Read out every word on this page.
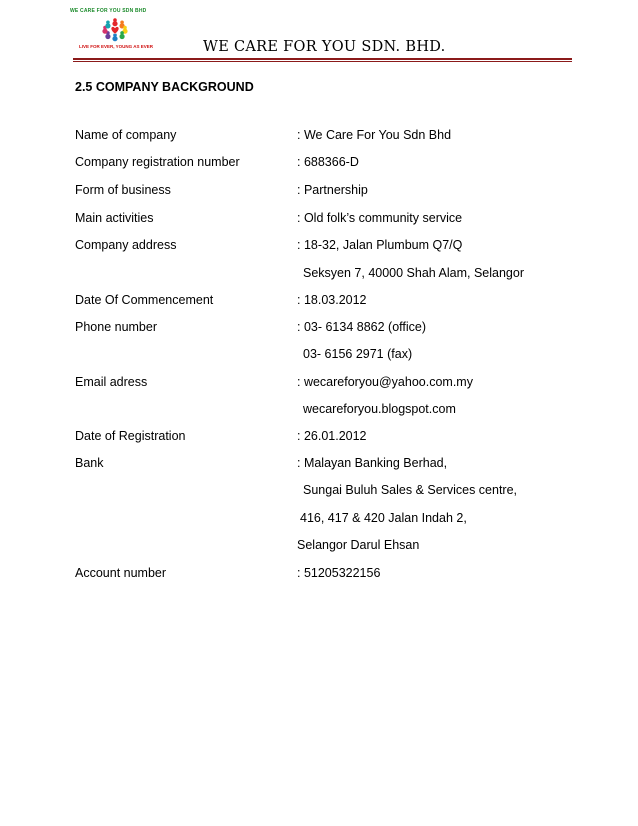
WE CARE FOR YOU SDN BHD
LIVE FOR EVER, YOUNG AS EVER	WE CARE FOR YOU SDN. BHD.
2.5 COMPANY BACKGROUND
Name of company	: We Care For You Sdn Bhd
Company registration number	: 688366-D
Form of business	: Partnership
Main activities	: Old folk’s community service
Company address	: 18-32, Jalan Plumbum Q7/Q
Seksyen 7, 40000 Shah Alam, Selangor
Date Of Commencement	: 18.03.2012
Phone number	: 03- 6134 8862 (office)
03- 6156 2971 (fax)
Email adress	: wecareforyou@yahoo.com.my
wecareforyou.blogspot.com
Date of Registration	: 26.01.2012
Bank	: Malayan Banking Berhad,
Sungai Buluh Sales & Services centre,
416, 417 & 420 Jalan Indah 2,
Selangor Darul Ehsan
Account number	: 51205322156
